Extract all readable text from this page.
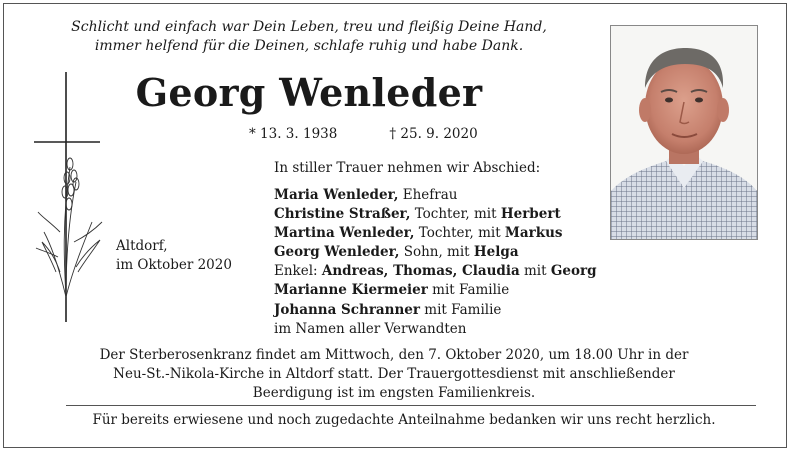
Schlicht und einfach war Dein Leben, treu und fleißig Deine Hand,
immer helfend für die Deinen, schlafe ruhig und habe Dank.
Georg Wenleder
* 13. 3. 1938	† 25. 9. 2020
Altdorf,
im Oktober 2020
In stiller Trauer nehmen wir Abschied:
Maria Wenleder, Ehefrau
Christine Straßer, Tochter, mit Herbert
Martina Wenleder, Tochter, mit Markus
Georg Wenleder, Sohn, mit Helga
Enkel: Andreas, Thomas, Claudia mit Georg
Marianne Kiermeier mit Familie
Johanna Schranner mit Familie
im Namen aller Verwandten
Der Sterberosenkranz findet am Mittwoch, den 7. Oktober 2020, um 18.00 Uhr in der
Neu-St.-Nikola-Kirche in Altdorf statt. Der Trauergottesdienst mit anschließender
Beerdigung ist im engsten Familienkreis.
Für bereits erwiesene und noch zugedachte Anteilnahme bedanken wir uns recht herzlich.
